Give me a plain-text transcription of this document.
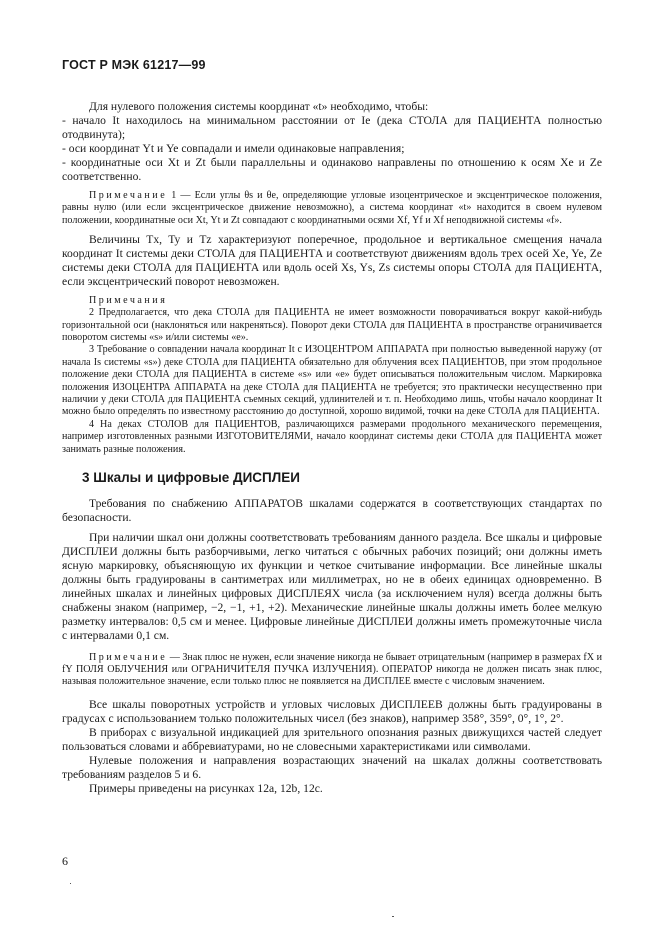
ГОСТ Р МЭК 61217—99

Для нулевого положения системы координат «t» необходимо, чтобы:

- начало It находилось на минимальном расстоянии от Ie (дека СТОЛА для ПАЦИЕНТА полностью отодвинута);

- оси координат Yt и Ye совпадали и имели одинаковые направления;

- координатные оси Xt и Zt были параллельны и одинаково направлены по отношению к осям Xe и Ze соответственно.

Примечание 1 — Если углы θs и θe, определяющие угловые изоцентрическое и эксцентрическое положения, равны нулю (или если эксцентрическое движение невозможно), а система координат «t» находится в своем нулевом положении, координатные оси Xt, Yt и Zt совпадают с координатными осями Xf, Yf и Xf неподвижной системы «f».

Величины Tx, Ty и Tz характеризуют поперечное, продольное и вертикальное смещения начала координат It системы деки СТОЛА для ПАЦИЕНТА и соответствуют движениям вдоль трех осей Xe, Ye, Ze системы деки СТОЛА для ПАЦИЕНТА или вдоль осей Xs, Ys, Zs системы опоры СТОЛА для ПАЦИЕНТА, если эксцентрический поворот невозможен.

Примечания

2 Предполагается, что дека СТОЛА для ПАЦИЕНТА не имеет возможности поворачиваться вокруг какой-нибудь горизонтальной оси (наклоняться или накреняться). Поворот деки СТОЛА для ПАЦИЕНТА в пространстве ограничивается поворотом системы «s» и/или системы «e».

3 Требование о совпадении начала координат It с ИЗОЦЕНТРОМ АППАРАТА при полностью выведенной наружу (от начала Is системы «s») деке СТОЛА для ПАЦИЕНТА обязательно для облучения всех ПАЦИЕНТОВ, при этом продольное положение деки СТОЛА для ПАЦИЕНТА в системе «s» или «e» будет описываться положительным числом. Маркировка положения ИЗОЦЕНТРА АППАРАТА на деке СТОЛА для ПАЦИЕНТА не требуется; это практически несущественно при наличии у деки СТОЛА для ПАЦИЕНТА съемных секций, удлинителей и т. п. Необходимо лишь, чтобы начало координат It можно было определять по известному расстоянию до доступной, хорошо видимой, точки на деке СТОЛА для ПАЦИЕНТА.

4 На деках СТОЛОВ для ПАЦИЕНТОВ, различающихся размерами продольного механического перемещения, например изготовленных разными ИЗГОТОВИТЕЛЯМИ, начало координат системы деки СТОЛА для ПАЦИЕНТА может занимать разные положения.

3 Шкалы и цифровые ДИСПЛЕИ

Требования по снабжению АППАРАТОВ шкалами содержатся в соответствующих стандартах по безопасности.

При наличии шкал они должны соответствовать требованиям данного раздела. Все шкалы и цифровые ДИСПЛЕИ должны быть разборчивыми, легко читаться с обычных рабочих позиций; они должны иметь ясную маркировку, объясняющую их функции и четкое считывание информации. Все линейные шкалы должны быть градуированы в сантиметрах или миллиметрах, но не в обеих единицах одновременно. В линейных шкалах и линейных цифровых ДИСПЛЕЯХ числа (за исключением нуля) всегда должны быть снабжены знаком (например, −2, −1, +1, +2). Механические линейные шкалы должны иметь более мелкую разметку интервалов: 0,5 см и менее. Цифровые линейные ДИСПЛЕИ должны иметь промежуточные числа с интервалами 0,1 см.

Примечание — Знак плюс не нужен, если значение никогда не бывает отрицательным (например в размерах fX и fY ПОЛЯ ОБЛУЧЕНИЯ или ОГРАНИЧИТЕЛЯ ПУЧКА ИЗЛУЧЕНИЯ). ОПЕРАТОР никогда не должен писать знак плюс, называя положительное значение, если только плюс не появляется на ДИСПЛЕЕ вместе с числовым значением.

Все шкалы поворотных устройств и угловых числовых ДИСПЛЕЕВ должны быть градуированы в градусах с использованием только положительных чисел (без знаков), например 358°, 359°, 0°, 1°, 2°.

В приборах с визуальной индикацией для зрительного опознания разных движущихся частей следует пользоваться словами и аббревиатурами, но не словесными характеристиками или символами.

Нулевые положения и направления возрастающих значений на шкалах должны соответствовать требованиям разделов 5 и 6.

Примеры приведены на рисунках 12a, 12b, 12c.

6
